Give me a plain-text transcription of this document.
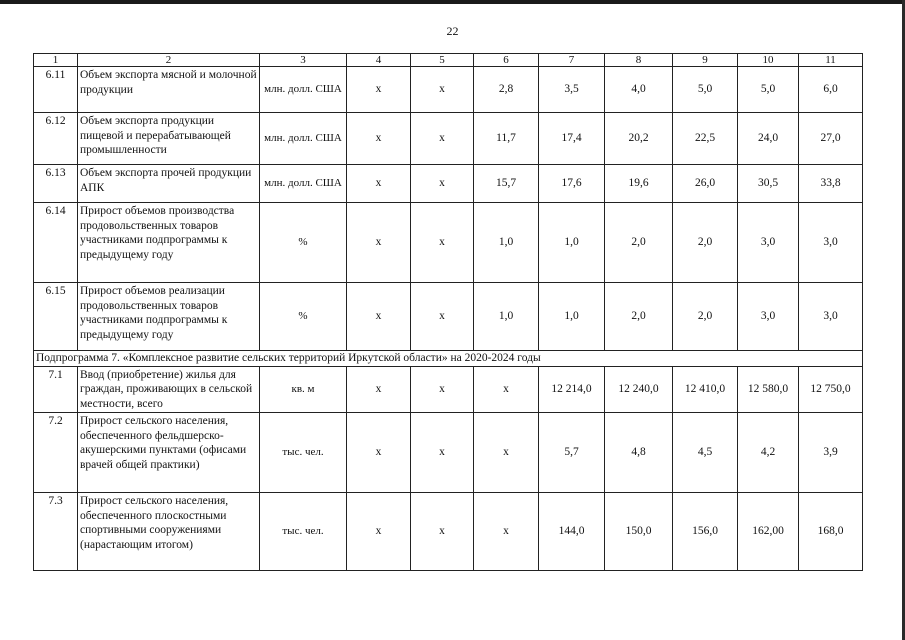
22
1	2	3	4	5	6	7	8	9	10	11
6.11	Объем экспорта мясной и молочной продукции	млн. долл. США	х	х	2,8	3,5	4,0	5,0	5,0	6,0
6.12	Объем экспорта продукции пищевой и перерабатывающей промышленности	млн. долл. США	х	х	11,7	17,4	20,2	22,5	24,0	27,0
6.13	Объем экспорта прочей продукции АПК	млн. долл. США	х	х	15,7	17,6	19,6	26,0	30,5	33,8
6.14	Прирост объемов производства продовольственных товаров участниками подпрограммы к предыдущему году	%	х	х	1,0	1,0	2,0	2,0	3,0	3,0
6.15	Прирост объемов реализации продовольственных товаров участниками подпрограммы к предыдущему году	%	х	х	1,0	1,0	2,0	2,0	3,0	3,0
Подпрограмма 7. «Комплексное развитие сельских территорий Иркутской области» на 2020-2024 годы										
7.1	Ввод (приобретение) жилья для граждан, проживающих в сельской местности, всего	кв. м	х	х	х	12 214,0	12 240,0	12 410,0	12 580,0	12 750,0
7.2	Прирост сельского населения, обеспеченного фельдшерско-акушерскими пунктами (офисами врачей общей практики)	тыс. чел.	х	х	х	5,7	4,8	4,5	4,2	3,9
7.3	Прирост сельского населения, обеспеченного плоскостными спортивными сооружениями (нарастающим итогом)	тыс. чел.	х	х	х	144,0	150,0	156,0	162,00	168,0
